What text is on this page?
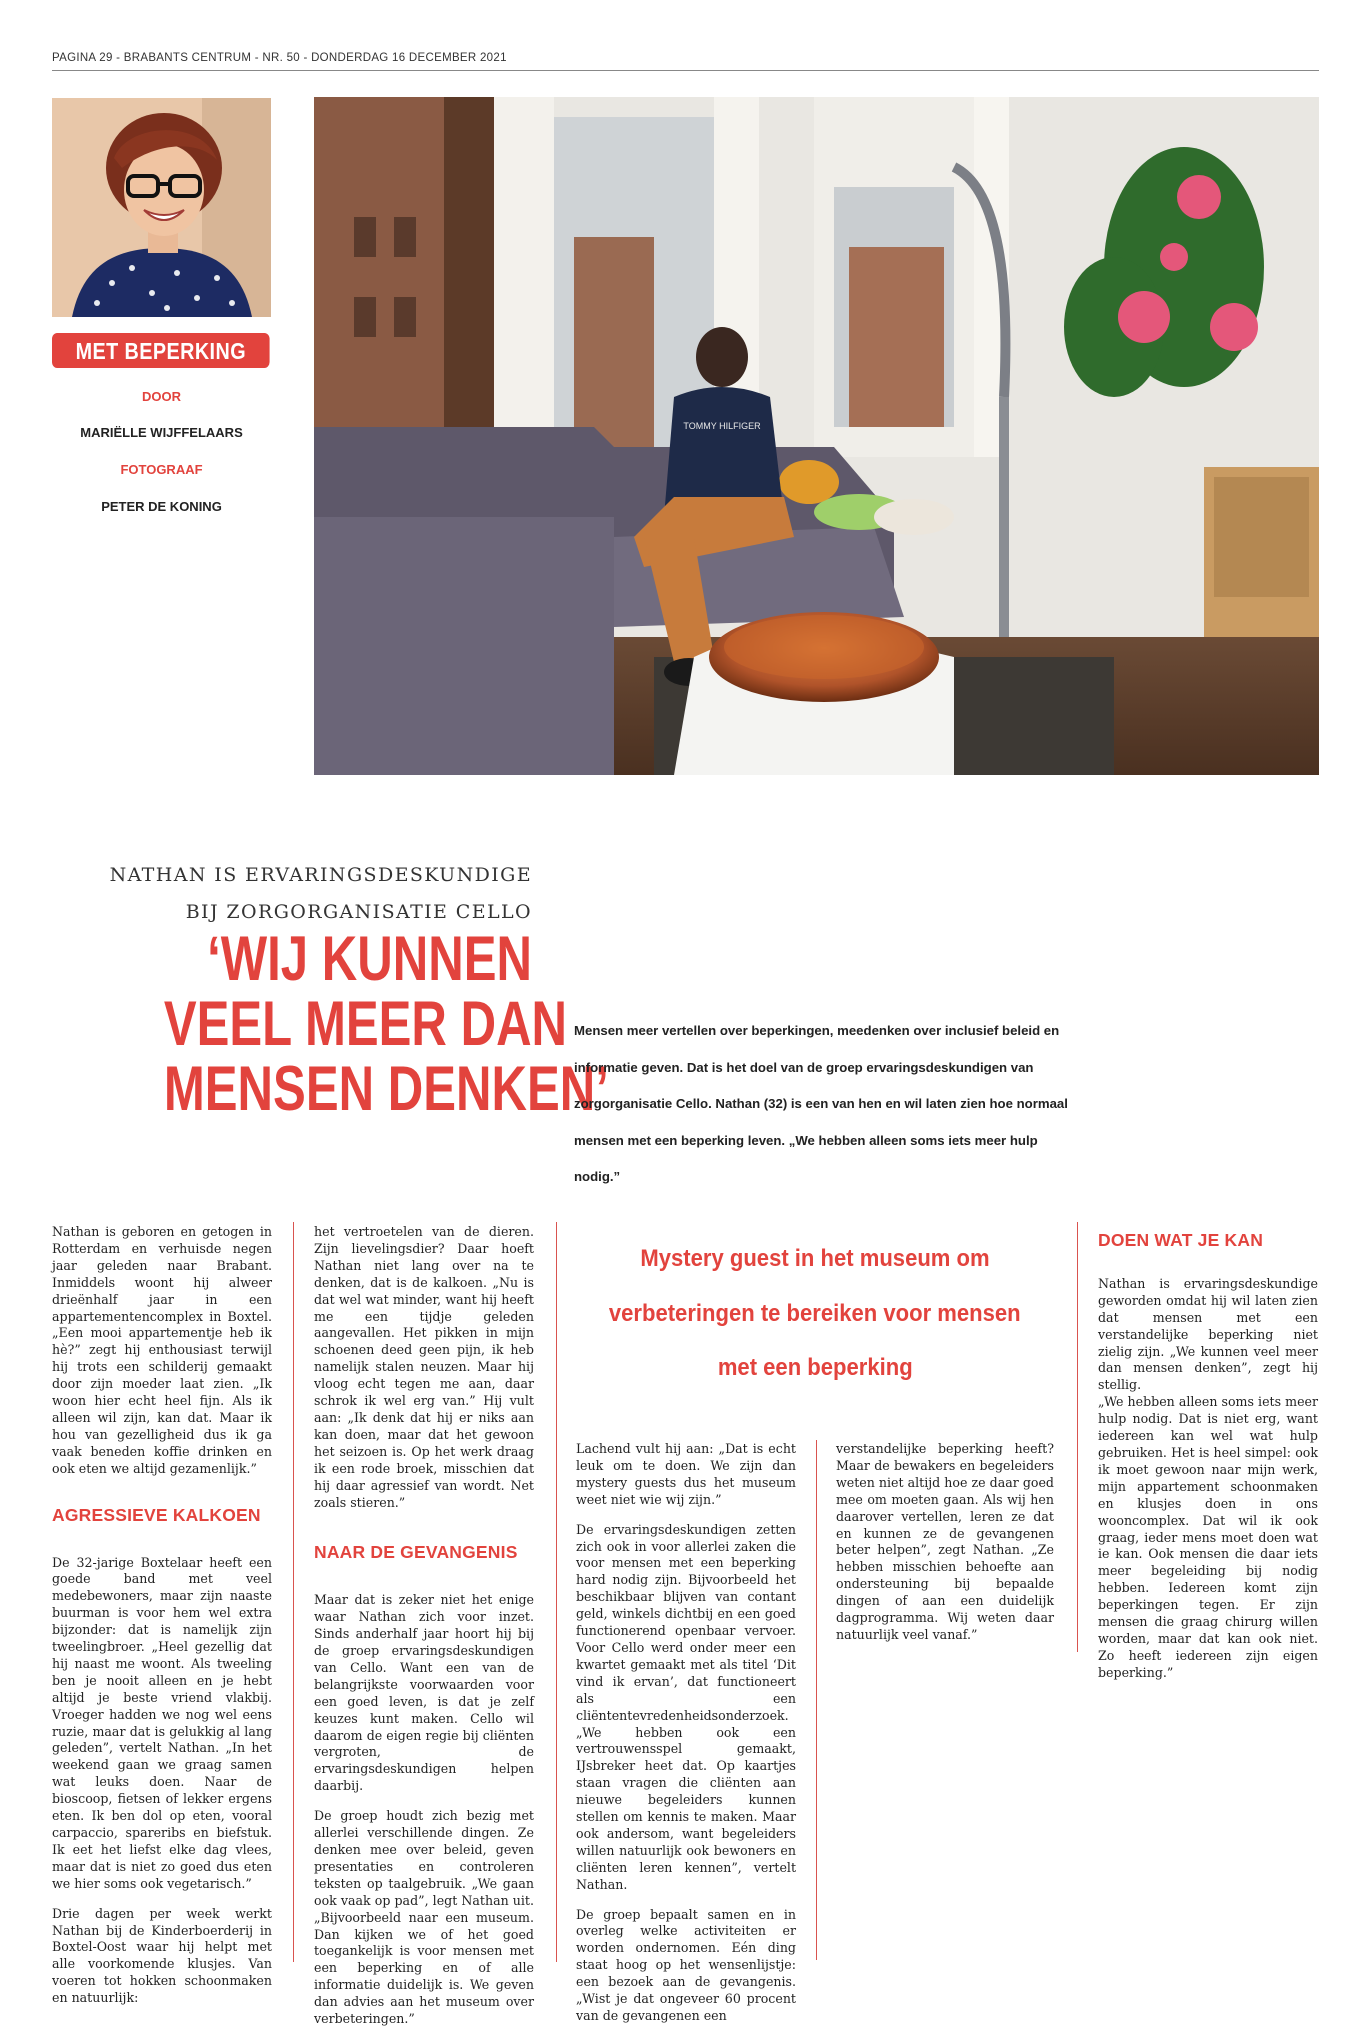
PAGINA 29 - BRABANTS CENTRUM - NR. 50 - DONDERDAG 16 DECEMBER 2021
MET BEPERKING
DOOR
MARIËLLE WIJFFELAARS
FOTOGRAAF
PETER DE KONING
TOMMY HILFIGER
NATHAN IS ERVARINGSDESKUNDIGE
BIJ ZORGORGANISATIE CELLO
‘WIJ KUNNEN
VEEL MEER DAN
MENSEN DENKEN’
Mensen meer vertellen over beperkingen, meedenken over inclusief beleid en informatie geven. Dat is het doel van de groep ervaringsdeskundigen van zorgorganisatie Cello. Nathan (32) is een van hen en wil laten zien hoe normaal mensen met een beperking leven. „We hebben alleen soms iets meer hulp nodig.”

Nathan is geboren en getogen in Rotterdam en verhuisde negen jaar geleden naar Brabant. Inmiddels woont hij alweer drieënhalf jaar in een appartementencomplex in Boxtel. „Een mooi appartementje heb ik hè?” zegt hij enthousiast terwijl hij trots een schilderij gemaakt door zijn moeder laat zien. „Ik woon hier echt heel fijn. Als ik alleen wil zijn, kan dat. Maar ik hou van gezelligheid dus ik ga vaak beneden koffie drinken en ook eten we altijd gezamenlijk.”

AGRESSIEVE KALKOEN

De 32-jarige Boxtelaar heeft een goede band met veel medebewoners, maar zijn naaste buurman is voor hem wel extra bijzonder: dat is namelijk zijn tweelingbroer. „Heel gezellig dat hij naast me woont. Als tweeling ben je nooit alleen en je hebt altijd je beste vriend vlakbij. Vroeger hadden we nog wel eens ruzie, maar dat is gelukkig al lang geleden”, vertelt Nathan. „In het weekend gaan we graag samen wat leuks doen. Naar de bioscoop, fietsen of lekker ergens eten. Ik ben dol op eten, vooral carpaccio, spareribs en biefstuk. Ik eet het liefst elke dag vlees, maar dat is niet zo goed dus eten we hier soms ook vegetarisch.”

Drie dagen per week werkt Nathan bij de Kinderboerderij in Boxtel-Oost waar hij helpt met alle voorkomende klusjes. Van voeren tot hokken schoonmaken en natuurlijk:

het vertroetelen van de dieren. Zijn lievelingsdier? Daar hoeft Nathan niet lang over na te denken, dat is de kalkoen. „Nu is dat wel wat minder, want hij heeft me een tijdje geleden aangevallen. Het pikken in mijn schoenen deed geen pijn, ik heb namelijk stalen neuzen. Maar hij vloog echt tegen me aan, daar schrok ik wel erg van.” Hij vult aan: „Ik denk dat hij er niks aan kan doen, maar dat het gewoon het seizoen is. Op het werk draag ik een rode broek, misschien dat hij daar agressief van wordt. Net zoals stieren.”

NAAR DE GEVANGENIS

Maar dat is zeker niet het enige waar Nathan zich voor inzet. Sinds anderhalf jaar hoort hij bij de groep ervaringsdeskundigen van Cello. Want een van de belangrijkste voorwaarden voor een goed leven, is dat je zelf keuzes kunt maken. Cello wil daarom de eigen regie bij cliënten vergroten, de ervaringsdeskundigen helpen daarbij.

De groep houdt zich bezig met allerlei verschillende dingen. Ze denken mee over beleid, geven presentaties en controleren teksten op taalgebruik. „We gaan ook vaak op pad”, legt Nathan uit. „Bijvoorbeeld naar een museum. Dan kijken we of het goed toegankelijk is voor mensen met een beperking en of alle informatie duidelijk is. We geven dan advies aan het museum over verbeteringen.”

Mystery guest in het museum om
verbeteringen te bereiken voor mensen
met een beperking

Lachend vult hij aan: „Dat is echt leuk om te doen. We zijn dan mystery guests dus het museum weet niet wie wij zijn.”

De ervaringsdeskundigen zetten zich ook in voor allerlei zaken die voor mensen met een beperking hard nodig zijn. Bijvoorbeeld het beschikbaar blijven van contant geld, winkels dichtbij en een goed functionerend openbaar vervoer. Voor Cello werd onder meer een kwartet gemaakt met als titel ‘Dit vind ik ervan’, dat functioneert als een cliëntentevredenheidsonderzoek. „We hebben ook een vertrouwensspel gemaakt, IJsbreker heet dat. Op kaartjes staan vragen die cliënten aan nieuwe begeleiders kunnen stellen om kennis te maken. Maar ook andersom, want begeleiders willen natuurlijk ook bewoners en cliënten leren kennen”, vertelt Nathan.

De groep bepaalt samen en in overleg welke activiteiten er worden ondernomen. Eén ding staat hoog op het wensenlijstje: een bezoek aan de gevangenis. „Wist je dat ongeveer 60 procent van de gevangenen een

verstandelijke beperking heeft? Maar de bewakers en begeleiders weten niet altijd hoe ze daar goed mee om moeten gaan. Als wij hen daarover vertellen, leren ze dat en kunnen ze de gevangenen beter helpen”, zegt Nathan. „Ze hebben misschien behoefte aan ondersteuning bij bepaalde dingen of aan een duidelijk dagprogramma. Wij weten daar natuurlijk veel vanaf.”

DOEN WAT JE KAN

Nathan is ervaringsdeskundige geworden omdat hij wil laten zien dat mensen met een verstandelijke beperking niet zielig zijn. „We kunnen veel meer dan mensen denken”, zegt hij stellig.

„We hebben alleen soms iets meer hulp nodig. Dat is niet erg, want iedereen kan wel wat hulp gebruiken. Het is heel simpel: ook ik moet gewoon naar mijn werk, mijn appartement schoonmaken en klusjes doen in ons wooncomplex. Dat wil ik ook graag, ieder mens moet doen wat ie kan. Ook mensen die daar iets meer begeleiding bij nodig hebben. Iedereen komt zijn beperkingen tegen. Er zijn mensen die graag chirurg willen worden, maar dat kan ook niet. Zo heeft iedereen zijn eigen beperking.”
